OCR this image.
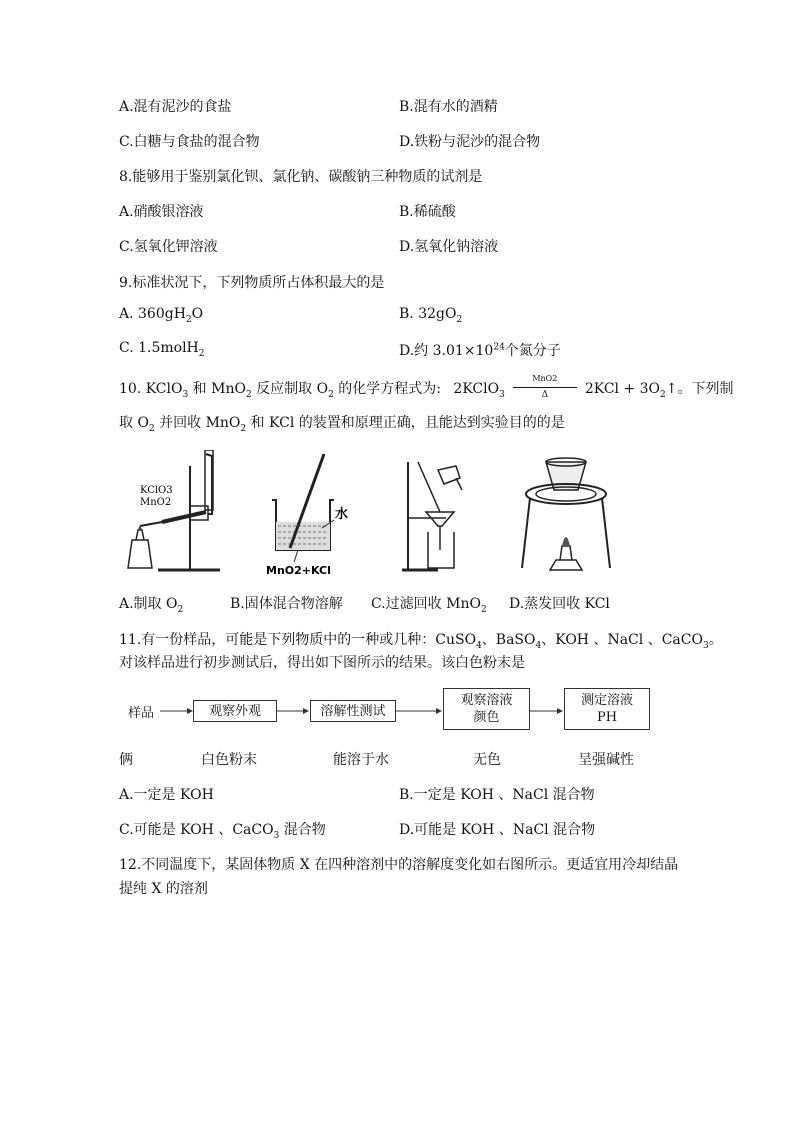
A.混有泥沙的食盐	B.混有水的酒精
C.白糖与食盐的混合物	D.铁粉与泥沙的混合物
8.能够用于鉴别氯化钡、氯化钠、碳酸钠三种物质的试剂是
A.硝酸银溶液	B.稀硫酸
C.氢氧化钾溶液	D.氢氧化钠溶液
9.标准状况下，下列物质所占体积最大的是
A. $360gH_2O$	B. $32gO_2$
C. 1.5molH$_2$	D.约 $3.01\times 10^{24}$个氮分子
10. KClO$_3$ 和 MnO$_2$ 反应制取 $O_2$ 的化学方程式为: 2KClO$_3$ $\frac{\text{MnO2}}{\Delta} 2KCl$ + $3O_2↑$。下列制
取 $O_2$ 并回收 MnO$_2$ 和 KCl 的装置和原理正确，且能达到实验目的的是
KClO3
MnO2
水
MnO2+KCl
A.制取 $O_2$	B.固体混合物溶解 C.过滤回收 MnO$_2$ D.蒸发回收 KCl
11.有一份样品，可能是下列物质中的一种或几种：CuSO$_4$、BaSO$_4$、KOH 、NaCl 、CaCO$_3$。
对该样品进行初步测试后，得出如下图所示的结果。该白色粉末是
样品	观察外观	溶解性测试
观察溶液
颜色
测定溶液
PH
俩	白色粉末	能溶于水	无色	呈强碱性
A.一定是 KOH	B.一定是 KOH 、NaCl 混合物
C.可能是 KOH 、CaCO$_3$ 混合物	D.可能是 KOH 、NaCl 混合物
12.不同温度下，某固体物质 X 在四种溶剂中的溶解度变化如右图所示。更适宜用冷却结晶
提纯 X 的溶剂
